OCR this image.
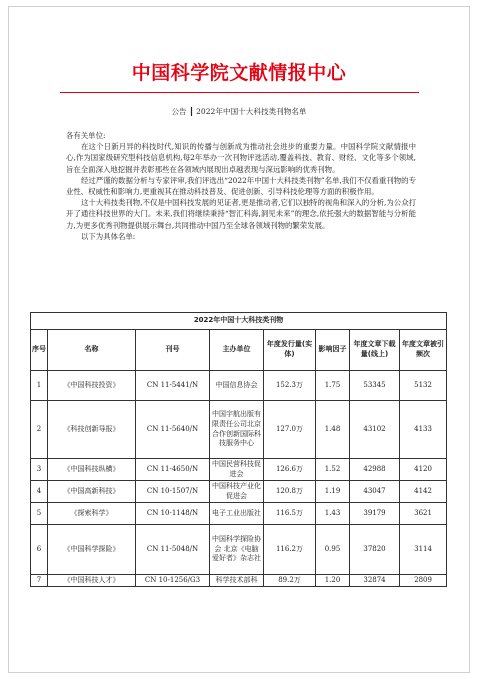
中国科学院文献情报中心
公告 ┃ 2022年中国十大科技类刊物名单

各有关单位:

在这个日新月异的科技时代,知识的传播与创新成为推动社会进步的重要力量。中国科学院文献情报中心,作为国家级研究型科技信息机构,每2年举办一次刊物评选活动,覆盖科技、教育、财经、文化等多个领域,旨在全面深入地挖掘并表彰那些在各领域内展现出卓越表现与深远影响的优秀刊物。

经过严谨的数据分析与专家评审,我们评选出“2022年中国十大科技类刊物”名单,我们不仅看重刊物的专业性、权威性和影响力,更重视其在推动科技普及、促进创新、引导科技伦理等方面的积极作用。

这十大科技类刊物,不仅是中国科技发展的见证者,更是推动者,它们以独特的视角和深入的分析,为公众打开了通往科技世界的大门。未来,我们将继续秉持“智汇科海,洞见未来”的理念,依托强大的数据智能与分析能力,为更多优秀刊物提供展示舞台,共同推动中国乃至全球各领域刊物的繁荣发展。

以下为具体名单:

2022年中国十大科技类刊物							
序号	名称	刊号	主办单位	年度发行量(实体)	影响因子	年度文章下载量(线上)	年度文章被引频次
1	《中国科技投资》	CN 11-5441/N	中国信息协会	152.3万	1.75	53345	5132
2	《科技创新导报》	CN 11-5640/N	中国宇航出版有限责任公司北京合作创新国际科技服务中心	127.0万	1.48	43102	4133
3	《中国科技纵横》	CN 11-4650/N	中国民营科技促进会	126.6万	1.52	42988	4120
4	《中国高新科技》	CN 10-1507/N	中国科技产业化促进会	120.8万	1.19	43047	4142
5	《探索科学》	CN 10-1148/N	电子工业出版社	116.5万	1.43	39179	3621
6	《中国科学探险》	CN 11-5048/N	中国科学探险协会 北京《电脑爱好者》杂志社	116.2万	0.95	37820	3114
7	《中国科技人才》	CN 10-1256/G3	科学技术部科	89.2万	1.20	32874	2809
